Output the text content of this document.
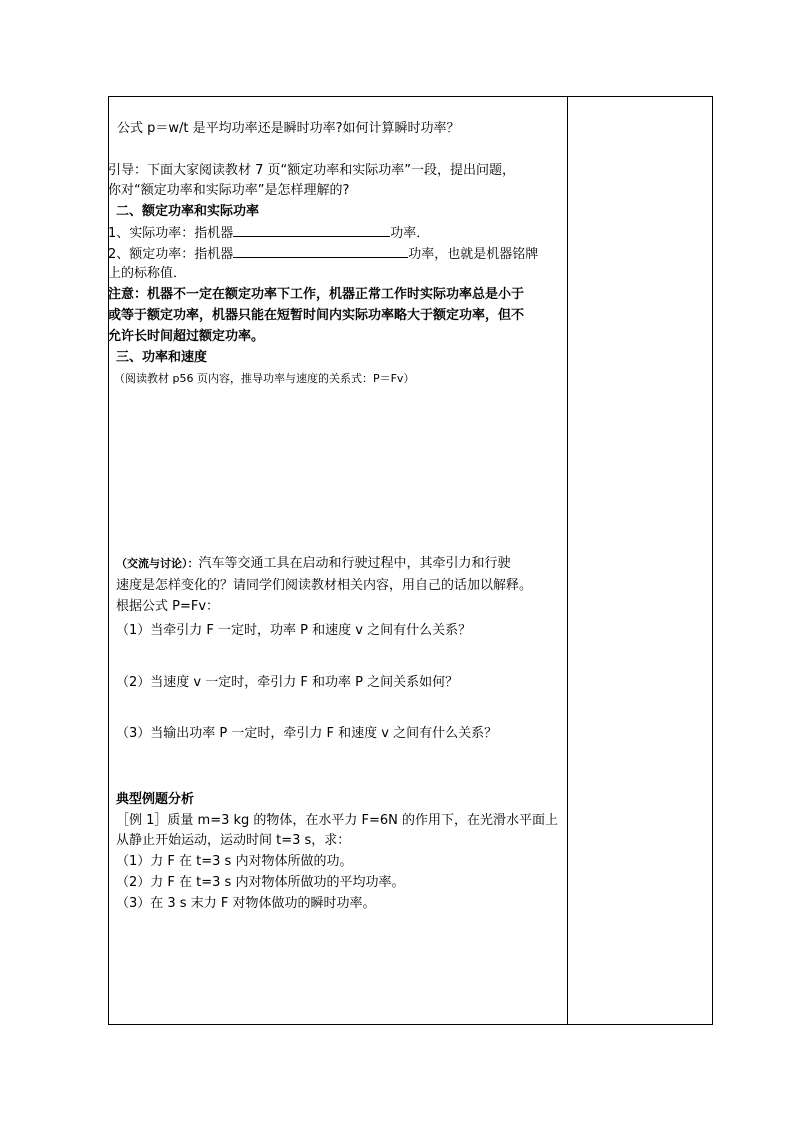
公式 p＝w/t 是平均功率还是瞬时功率?如何计算瞬时功率？
引导：下面大家阅读教材 7 页“额定功率和实际功率”一段，提出问题，
你对“额定功率和实际功率”是怎样理解的?
二、额定功率和实际功率
1、实际功率：指机器	功率．
2、额定功率：指机器	功率，也就是机器铭牌
上的标称值．
注意：机器不一定在额定功率下工作，机器正常工作时实际功率总是小于
或等于额定功率，机器只能在短暂时间内实际功率略大于额定功率，但不
允许长时间超过额定功率。
三、功率和速度
（阅读教材 p56 页内容，推导功率与速度的关系式：P＝Fv）
（交流与讨论）：汽车等交通工具在启动和行驶过程中，其牵引力和行驶
速度是怎样变化的？请同学们阅读教材相关内容，用自己的话加以解释。
根据公式 P=Fv：
（1）当牵引力 F 一定时，功率 P 和速度 v 之间有什么关系？
（2）当速度 v 一定时，牵引力 F 和功率 P 之间关系如何？
（3）当输出功率 P 一定时，牵引力 F 和速度 v 之间有什么关系？
典型例题分析
［例 1］质量 m=3 kg 的物体，在水平力 F=6N 的作用下，在光滑水平面上
从静止开始运动，运动时间 t=3 s，求：
（1）力 F 在 t=3 s 内对物体所做的功。
（2）力 F 在 t=3 s 内对物体所做功的平均功率。
（3）在 3 s 末力 F 对物体做功的瞬时功率。
